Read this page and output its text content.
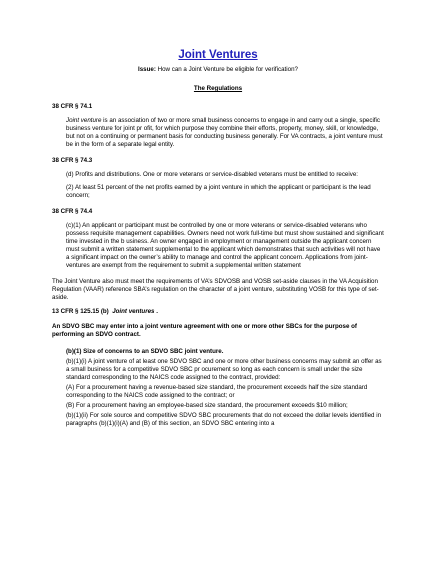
Joint Ventures
Issue: How can a Joint Venture be eligible for verification?
The Regulations
38 CFR § 74.1
Joint venture is an association of two or more small business concerns to engage in and carry out a single, specific business venture for joint pr ofit, for which purpose they combine their efforts, property, money, skill, or knowledge, but not on a continuing or permanent basis for conducting business generally. For VA contracts, a joint venture must be in the form of a separate legal entity.
38 CFR § 74.3
(d) Profits and distributions. One or more veterans or service-disabled veterans must be entitled to receive:
(2) At least 51 percent of the net profits earned by a joint venture in which the applicant or participant is the lead concern;
38 CFR § 74.4
(c)(1) An applicant or participant must be controlled by one or more veterans or service-disabled veterans who possess requisite management capabilities. Owners need not work full-time but must show sustained and significant time invested in the b usiness. An owner engaged in employment or management outside the applicant concern must submit a written statement supplemental to the applicant which demonstrates that such activities will not have a significant impact on the owner’s ability to manage and control the applicant concern. Applications from joint-ventures are exempt from the requirement to submit a supplemental written statement
The Joint Venture also must meet the requirements of VA’s SDVOSB and VOSB set-aside clauses in the VA Acquisition Regulation (VAAR) reference SBA’s regulation on the character of a joint venture, substituting VOSB for this type of set-aside.
13 CFR § 125.15 (b) Joint ventures .
An SDVO SBC may enter into a joint venture agreement with one or more other SBCs for the purpose of performing an SDVO contract.
(b)(1) Size of concerns to an SDVO SBC joint venture.
(b)(1)(i) A joint venture of at least one SDVO SBC and one or more other business concerns may submit an offer as a small business for a competitive SDVO SBC pr ocurement so long as each concern is small under the size standard corresponding to the NAICS code assigned to the contract, provided:
(A) For a procurement having a revenue-based size standard, the procurement exceeds half the size standard corresponding to the NAICS code assigned to the contract; or
(B) For a procurement having an employee-based size standard, the procurement exceeds $10 million;
(b)(1)(ii) For sole source and competitive SDVO SBC procurements that do not exceed the dollar levels identified in paragraphs (b)(1)(i)(A) and (B) of this section, an SDVO SBC entering into a
